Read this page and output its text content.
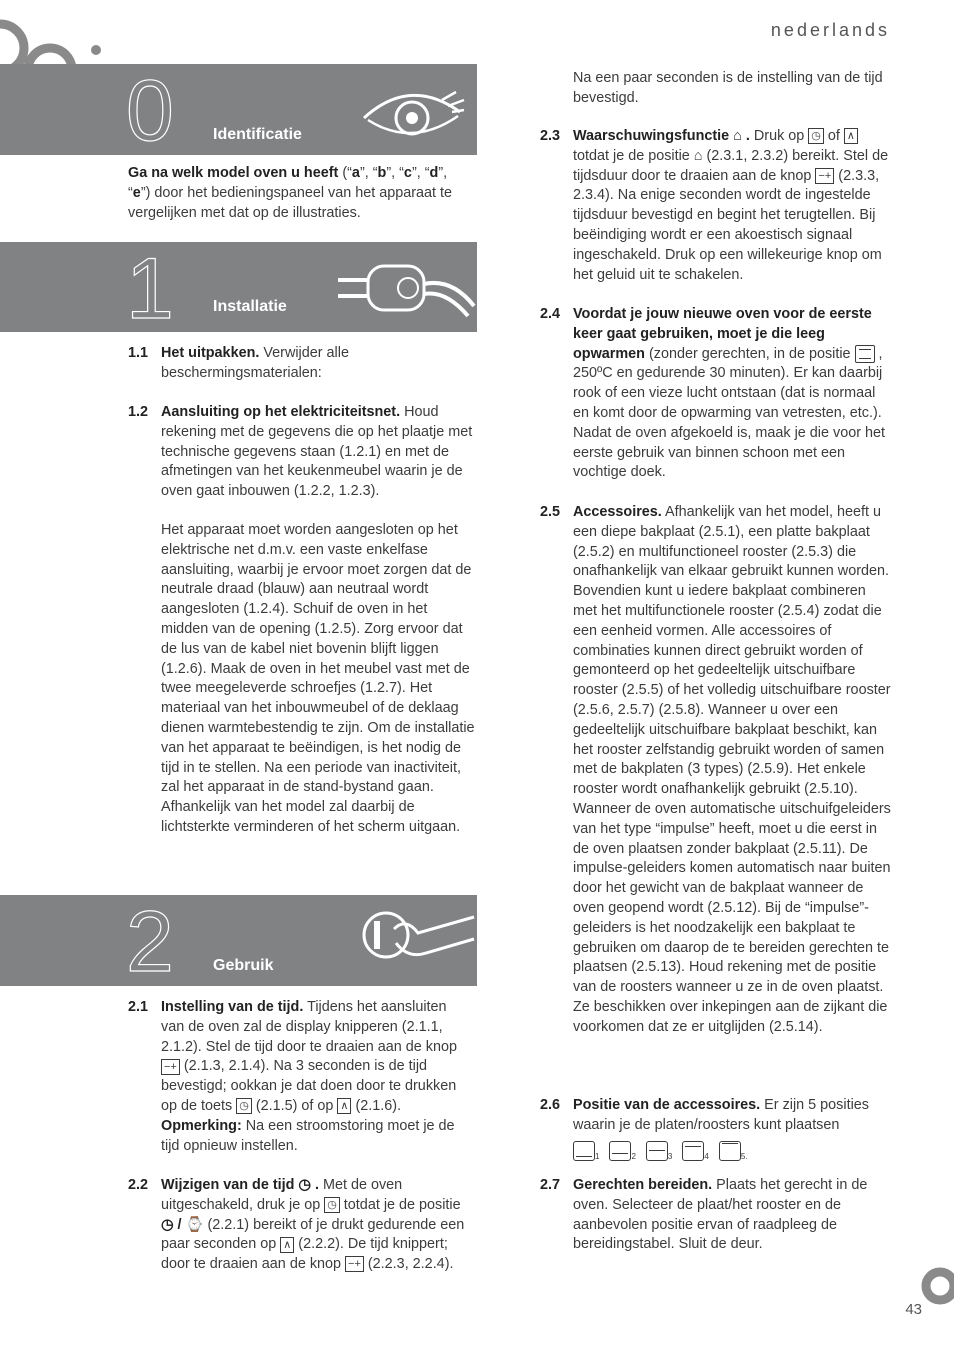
nederlands
0 Identificatie
Ga na welk model oven u heeft (“a”, “b”, “c”, “d”, “e”) door het bedieningspaneel van het apparaat te vergelijken met dat op de illustraties.
1 Installatie
1.1 Het uitpakken. Verwijder alle beschermingsmaterialen:
1.2 Aansluiting op het elektriciteitsnet. Houd rekening met de gegevens die op het plaatje met technische gegevens staan (1.2.1) en met de afmetingen van het keukenmeubel waarin je de oven gaat inbouwen (1.2.2, 1.2.3).
Het apparaat moet worden aangesloten op het elektrische net d.m.v. een vaste enkelfase aansluiting, waarbij je ervoor moet zorgen dat de neutrale draad (blauw) aan neutraal wordt aangesloten (1.2.4). Schuif de oven in het midden van de opening (1.2.5). Zorg ervoor dat de lus van de kabel niet bovenin blijft liggen (1.2.6). Maak de oven in het meubel vast met de twee meegeleverde schroefjes (1.2.7). Het materiaal van het inbouwmeubel of de deklaag dienen warmtebestendig te zijn. Om de installatie van het apparaat te beëindigen, is het nodig de tijd in te stellen. Na een periode van inactiviteit, zal het apparaat in de stand-bystand gaan. Afhankelijk van het model zal daarbij de lichtsterkte verminderen of het scherm uitgaan.
2 Gebruik
2.1 Instelling van de tijd. Tijdens het aansluiten van de oven zal de display knipperen (2.1.1, 2.1.2). Stel de tijd door te draaien aan de knop −+ (2.1.3, 2.1.4). Na 3 seconden is de tijd bevestigd; ookkan je dat doen door te drukken op de toets ◷ (2.1.5) of op ∧ (2.1.6).
Opmerking: Na een stroomstoring moet je de tijd opnieuw instellen.
2.2 Wijzigen van de tijd ◷ . Met de oven uitgeschakeld, druk je op ◷ totdat je de positie ◷ / ⌚ (2.2.1) bereikt of je drukt gedurende een paar seconden op ∧ (2.2.2). De tijd knippert; door te draaien aan de knop −+ (2.2.3, 2.2.4).
Na een paar seconden is de instelling van de tijd bevestigd.
2.3 Waarschuwingsfunctie ⌂ . Druk op ◷ of ∧ totdat je de positie ⌂ (2.3.1, 2.3.2) bereikt. Stel de tijdsduur door te draaien aan de knop −+ (2.3.3, 2.3.4). Na enige seconden wordt de ingestelde tijdsduur bevestigd en begint het terugtellen. Bij beëindiging wordt er een akoestisch signaal ingeschakeld. Druk op een willekeurige knop om het geluid uit te schakelen.
2.4 Voordat je jouw nieuwe oven voor de eerste keer gaat gebruiken, moet je die leeg opwarmen (zonder gerechten, in de positie
, 250ºC en gedurende 30 minuten). Er kan daarbij rook of een vieze lucht ontstaan (dat is normaal en komt door de opwarming van vetresten, etc.). Nadat de oven afgekoeld is, maak je die voor het eerste gebruik van binnen schoon met een vochtige doek.
2.5 Accessoires. Afhankelijk van het model, heeft u een diepe bakplaat (2.5.1), een platte bakplaat (2.5.2) en multifunctioneel rooster (2.5.3) die onafhankelijk van elkaar gebruikt kunnen worden. Bovendien kunt u iedere bakplaat combineren met het multifunctionele rooster (2.5.4) zodat die een eenheid vormen. Alle accessoires of combinaties kunnen direct gebruikt worden of gemonteerd op het gedeeltelijk uitschuifbare rooster (2.5.5) of het volledig uitschuifbare rooster (2.5.6, 2.5.7) (2.5.8). Wanneer u over een gedeeltelijk uitschuifbare bakplaat beschikt, kan het rooster zelfstandig gebruikt worden of samen met de bakplaten (3 types) (2.5.9). Het enkele rooster wordt onafhankelijk gebruikt (2.5.10). Wanneer de oven automatische uitschuifgeleiders van het type “impulse” heeft, moet u die eerst in de oven plaatsen zonder bakplaat (2.5.11). De impulse-geleiders komen automatisch naar buiten door het gewicht van de bakplaat wanneer de oven geopend wordt (2.5.12). Bij de “impulse”-geleiders is het noodzakelijk een bakplaat te gebruiken om daarop de te bereiden gerechten te plaatsen (2.5.13). Houd rekening met de positie van de roosters wanneer u ze in de oven plaatst. Ze beschikken over inkepingen aan de zijkant die voorkomen dat ze er uitglijden (2.5.14).
2.6 Positie van de accessoires. Er zijn 5 posities waarin je de platen/roosters kunt plaatsen
1	2	3	4	5.
2.7 Gerechten bereiden. Plaats het gerecht in de oven. Selecteer de plaat/het rooster en de aanbevolen positie ervan of raadpleeg de bereidingstabel. Sluit de deur.
43
